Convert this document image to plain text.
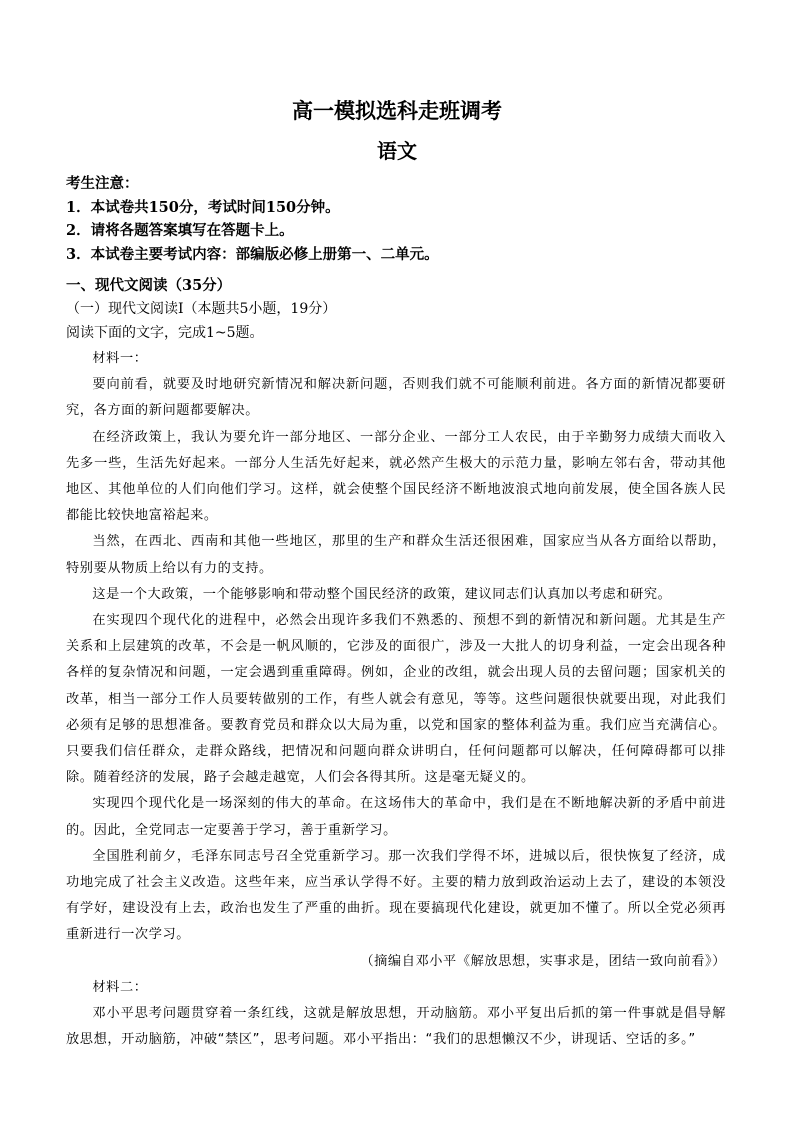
高一模拟选科走班调考
语文
考生注意：
1．本试卷共150分，考试时间150分钟。
2．请将各题答案填写在答题卡上。
3．本试卷主要考试内容：部编版必修上册第一、二单元。
一、现代文阅读（35分）
（一）现代文阅读Ⅰ（本题共5小题，19分）
阅读下面的文字，完成1~5题。

材料一：

要向前看，就要及时地研究新情况和解决新问题，否则我们就不可能顺利前进。各方面的新情况都要研究，各方面的新问题都要解决。

在经济政策上，我认为要允许一部分地区、一部分企业、一部分工人农民，由于辛勤努力成绩大而收入先多一些，生活先好起来。一部分人生活先好起来，就必然产生极大的示范力量，影响左邻右舍，带动其他地区、其他单位的人们向他们学习。这样，就会使整个国民经济不断地波浪式地向前发展，使全国各族人民都能比较快地富裕起来。

当然，在西北、西南和其他一些地区，那里的生产和群众生活还很困难，国家应当从各方面给以帮助，特别要从物质上给以有力的支持。

这是一个大政策，一个能够影响和带动整个国民经济的政策，建议同志们认真加以考虑和研究。

在实现四个现代化的进程中，必然会出现许多我们不熟悉的、预想不到的新情况和新问题。尤其是生产关系和上层建筑的改革，不会是一帆风顺的，它涉及的面很广，涉及一大批人的切身利益，一定会出现各种各样的复杂情况和问题，一定会遇到重重障碍。例如，企业的改组，就会出现人员的去留问题；国家机关的改革，相当一部分工作人员要转做别的工作，有些人就会有意见，等等。这些问题很快就要出现，对此我们必须有足够的思想准备。要教育党员和群众以大局为重，以党和国家的整体利益为重。我们应当充满信心。只要我们信任群众，走群众路线，把情况和问题向群众讲明白，任何问题都可以解决，任何障碍都可以排除。随着经济的发展，路子会越走越宽，人们会各得其所。这是毫无疑义的。

实现四个现代化是一场深刻的伟大的革命。在这场伟大的革命中，我们是在不断地解决新的矛盾中前进的。因此，全党同志一定要善于学习，善于重新学习。

全国胜利前夕，毛泽东同志号召全党重新学习。那一次我们学得不坏，进城以后，很快恢复了经济，成功地完成了社会主义改造。这些年来，应当承认学得不好。主要的精力放到政治运动上去了，建设的本领没有学好，建设没有上去，政治也发生了严重的曲折。现在要搞现代化建设，就更加不懂了。所以全党必须再重新进行一次学习。

（摘编自邓小平《解放思想，实事求是，团结一致向前看》）

材料二：

邓小平思考问题贯穿着一条红线，这就是解放思想，开动脑筋。邓小平复出后抓的第一件事就是倡导解放思想，开动脑筋，冲破“禁区”，思考问题。邓小平指出：“我们的思想懒汉不少，讲现话、空话的多。”
